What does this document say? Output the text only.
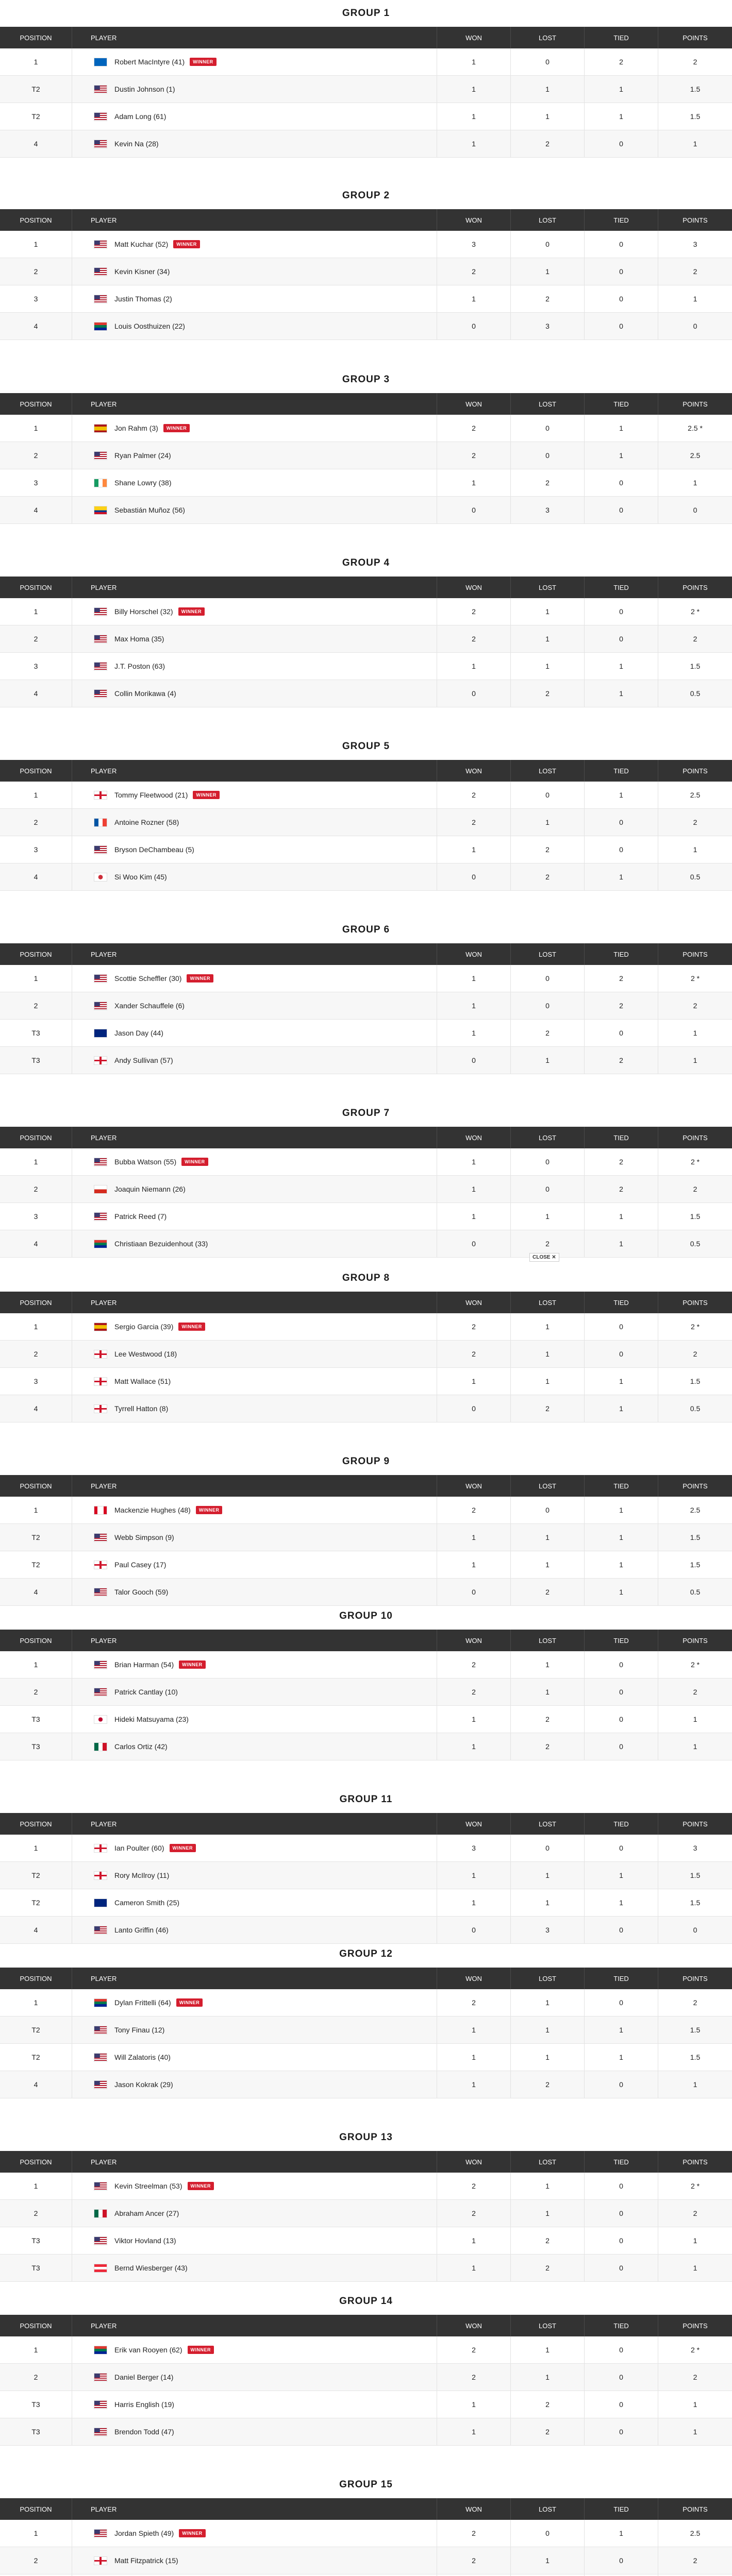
GROUP 1
POSITION	PLAYER	WON	LOST	TIED	POINTS
1	Robert MacIntyre (41)	WINNER	1	0	2	2
T2	Dustin Johnson (1)	1	1	1	1.5
T2	Adam Long (61)	1	1	1	1.5
4	Kevin Na (28)	1	2	0	1
GROUP 2
POSITION	PLAYER	WON	LOST	TIED	POINTS
1	Matt Kuchar (52)	WINNER	3	0	0	3
2	Kevin Kisner (34)	2	1	0	2
3	Justin Thomas (2)	1	2	0	1
4	Louis Oosthuizen (22)	0	3	0	0
GROUP 3
POSITION	PLAYER	WON	LOST	TIED	POINTS
1	Jon Rahm (3)	WINNER	2	0	1	2.5 *
2	Ryan Palmer (24)	2	0	1	2.5
3	Shane Lowry (38)	1	2	0	1
4	Sebastián Muñoz (56)	0	3	0	0
GROUP 4
POSITION	PLAYER	WON	LOST	TIED	POINTS
1	Billy Horschel (32)	WINNER	2	1	0	2 *
2	Max Homa (35)	2	1	0	2
3	J.T. Poston (63)	1	1	1	1.5
4	Collin Morikawa (4)	0	2	1	0.5
GROUP 5
POSITION	PLAYER	WON	LOST	TIED	POINTS
1	Tommy Fleetwood (21)	WINNER	2	0	1	2.5
2	Antoine Rozner (58)	2	1	0	2
3	Bryson DeChambeau (5)	1	2	0	1
4	Si Woo Kim (45)	0	2	1	0.5
GROUP 6
POSITION	PLAYER	WON	LOST	TIED	POINTS
1	Scottie Scheffler (30)	WINNER	1	0	2	2 *
2	Xander Schauffele (6)	1	0	2	2
T3	Jason Day (44)	1	2	0	1
T3	Andy Sullivan (57)	0	1	2	1
GROUP 7
POSITION	PLAYER	WON	LOST	TIED	POINTS
1	Bubba Watson (55)	WINNER	1	0	2	2 *
2	Joaquin Niemann (26)	1	0	2	2
3	Patrick Reed (7)	1	1	1	1.5
4	Christiaan Bezuidenhout (33)	0	2	1	0.5
GROUP 8
POSITION	PLAYER	WON	LOST	TIED	POINTS
1	Sergio Garcia (39)	WINNER	2	1	0	2 *
2	Lee Westwood (18)	2	1	0	2
3	Matt Wallace (51)	1	1	1	1.5
4	Tyrrell Hatton (8)	0	2	1	0.5
GROUP 9
POSITION	PLAYER	WON	LOST	TIED	POINTS
1	Mackenzie Hughes (48)	WINNER	2	0	1	2.5
T2	Webb Simpson (9)	1	1	1	1.5
T2	Paul Casey (17)	1	1	1	1.5
4	Talor Gooch (59)	0	2	1	0.5
GROUP 10
POSITION	PLAYER	WON	LOST	TIED	POINTS
1	Brian Harman (54)	WINNER	2	1	0	2 *
2	Patrick Cantlay (10)	2	1	0	2
T3	Hideki Matsuyama (23)	1	2	0	1
T3	Carlos Ortiz (42)	1	2	0	1
GROUP 11
POSITION	PLAYER	WON	LOST	TIED	POINTS
1	Ian Poulter (60)	WINNER	3	0	0	3
T2	Rory McIlroy (11)	1	1	1	1.5
T2	Cameron Smith (25)	1	1	1	1.5
4	Lanto Griffin (46)	0	3	0	0
GROUP 12
POSITION	PLAYER	WON	LOST	TIED	POINTS
1	Dylan Frittelli (64)	WINNER	2	1	0	2
T2	Tony Finau (12)	1	1	1	1.5
T2	Will Zalatoris (40)	1	1	1	1.5
4	Jason Kokrak (29)	1	2	0	1
GROUP 13
POSITION	PLAYER	WON	LOST	TIED	POINTS
1	Kevin Streelman (53)	WINNER	2	1	0	2 *
2	Abraham Ancer (27)	2	1	0	2
T3	Viktor Hovland (13)	1	2	0	1
T3	Bernd Wiesberger (43)	1	2	0	1
GROUP 14
POSITION	PLAYER	WON	LOST	TIED	POINTS
1	Erik van Rooyen (62)	WINNER	2	1	0	2 *
2	Daniel Berger (14)	2	1	0	2
T3	Harris English (19)	1	2	0	1
T3	Brendon Todd (47)	1	2	0	1
GROUP 15
POSITION	PLAYER	WON	LOST	TIED	POINTS
1	Jordan Spieth (49)	WINNER	2	0	1	2.5
2	Matt Fitzpatrick (15)	2	1	0	2
CLOSE ✕
